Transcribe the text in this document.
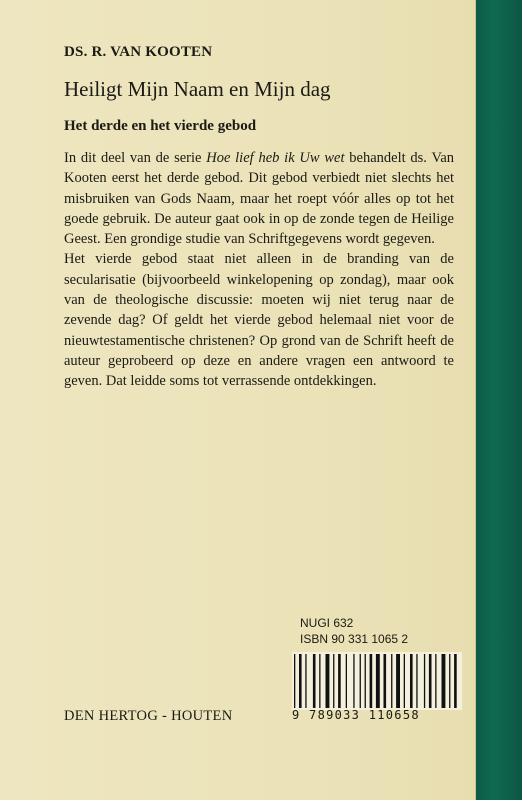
DS. R. VAN KOOTEN
Heiligt Mijn Naam en Mijn dag
Het derde en het vierde gebod

In dit deel van de serie Hoe lief heb ik Uw wet behandelt ds. Van Kooten eerst het derde gebod. Dit gebod verbiedt niet slechts het misbruiken van Gods Naam, maar het roept vóór alles op tot het goede gebruik. De auteur gaat ook in op de zonde tegen de Heilige Geest. Een grondige studie van Schriftgegevens wordt gegeven.

Het vierde gebod staat niet alleen in de branding van de secularisatie (bijvoorbeeld winkelopening op zondag), maar ook van de theologische discussie: moeten wij niet terug naar de zevende dag? Of geldt het vierde gebod helemaal niet voor de nieuwtestamentische christenen? Op grond van de Schrift heeft de auteur geprobeerd op deze en andere vragen een antwoord te geven. Dat leidde soms tot verrassende ontdekkingen.

NUGI 632
ISBN 90 331 1065 2
9 789033 110658
DEN HERTOG - HOUTEN
